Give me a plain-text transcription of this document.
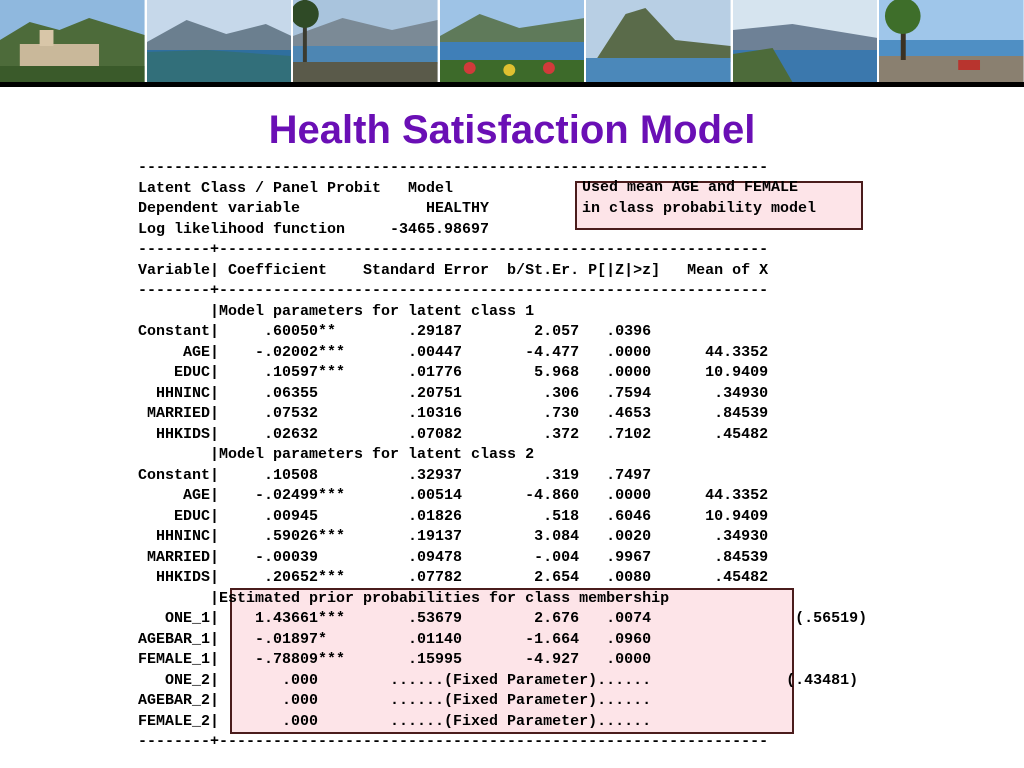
Health Satisfaction Model
Used mean AGE and FEMALE
in class probability model
----------------------------------------------------------------------
Latent Class / Panel Probit   Model
Dependent variable              HEALTHY
Log likelihood function     -3465.98697
--------+-------------------------------------------------------------
Variable| Coefficient    Standard Error  b/St.Er. P[|Z|>z]   Mean of X
--------+-------------------------------------------------------------
|Model parameters for latent class 1
Constant|     .60050**        .29187        2.057   .0396
AGE|    -.02002***       .00447       -4.477   .0000      44.3352
EDUC|     .10597***       .01776        5.968   .0000      10.9409
HHNINC|     .06355          .20751         .306   .7594       .34930
MARRIED|     .07532          .10316         .730   .4653       .84539
HHKIDS|     .02632          .07082         .372   .7102       .45482
|Model parameters for latent class 2
Constant|     .10508          .32937         .319   .7497
AGE|    -.02499***       .00514       -4.860   .0000      44.3352
EDUC|     .00945          .01826         .518   .6046      10.9409
HHNINC|     .59026***       .19137        3.084   .0020       .34930
MARRIED|    -.00039          .09478        -.004   .9967       .84539
HHKIDS|     .20652***       .07782        2.654   .0080       .45482
|Estimated prior probabilities for class membership
ONE_1|    1.43661***       .53679        2.676   .0074                (.56519)
AGEBAR_1|    -.01897*         .01140       -1.664   .0960
FEMALE_1|    -.78809***       .15995       -4.927   .0000
ONE_2|       .000        ......(Fixed Parameter)......               (.43481)
AGEBAR_2|       .000        ......(Fixed Parameter)......
FEMALE_2|       .000        ......(Fixed Parameter)......
--------+-------------------------------------------------------------
